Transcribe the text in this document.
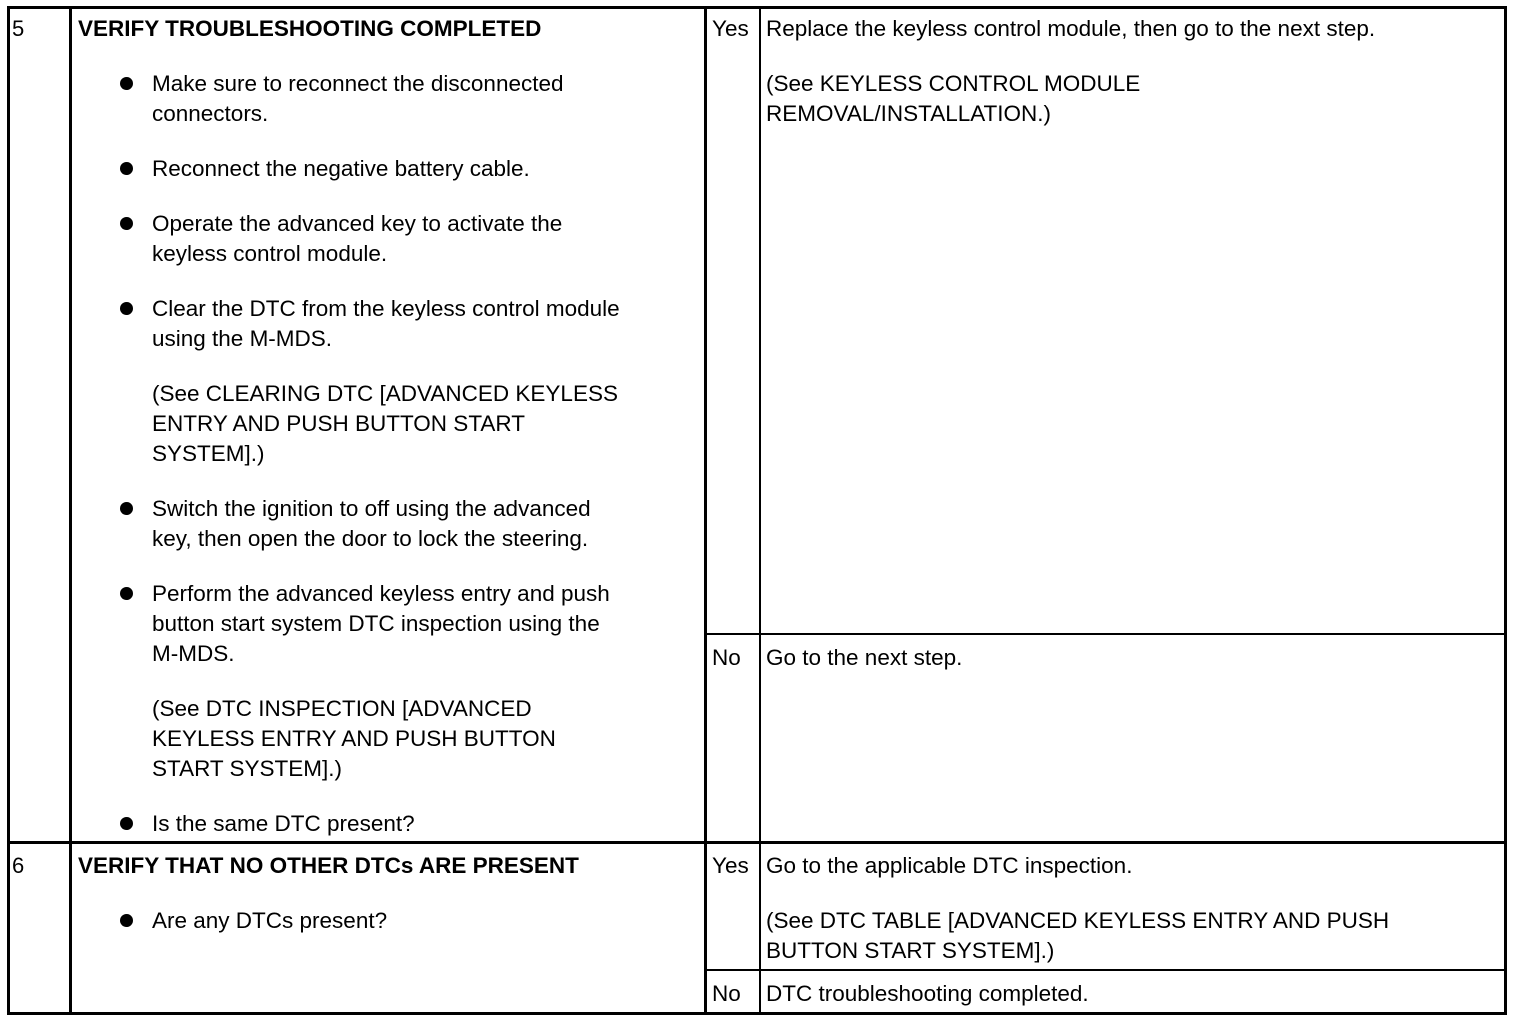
5 VERIFY TROUBLESHOOTING COMPLETED
Make sure to reconnect the disconnected
connectors.
Reconnect the negative battery cable.
Operate the advanced key to activate the
keyless control module.
Clear the DTC from the keyless control module
using the M-MDS.
(See CLEARING DTC [ADVANCED KEYLESS
ENTRY AND PUSH BUTTON START
SYSTEM].)
Switch the ignition to off using the advanced
key, then open the door to lock the steering.
Perform the advanced keyless entry and push
button start system DTC inspection using the
M-MDS.
(See DTC INSPECTION [ADVANCED
KEYLESS ENTRY AND PUSH BUTTON
START SYSTEM].)
Is the same DTC present?
Yes Replace the keyless control module, then go to the next step.
(See KEYLESS CONTROL MODULE
REMOVAL/INSTALLATION.)
No Go to the next step.
6 VERIFY THAT NO OTHER DTCs ARE PRESENT
Are any DTCs present?
Yes Go to the applicable DTC inspection.
(See DTC TABLE [ADVANCED KEYLESS ENTRY AND PUSH
BUTTON START SYSTEM].)
No DTC troubleshooting completed.
